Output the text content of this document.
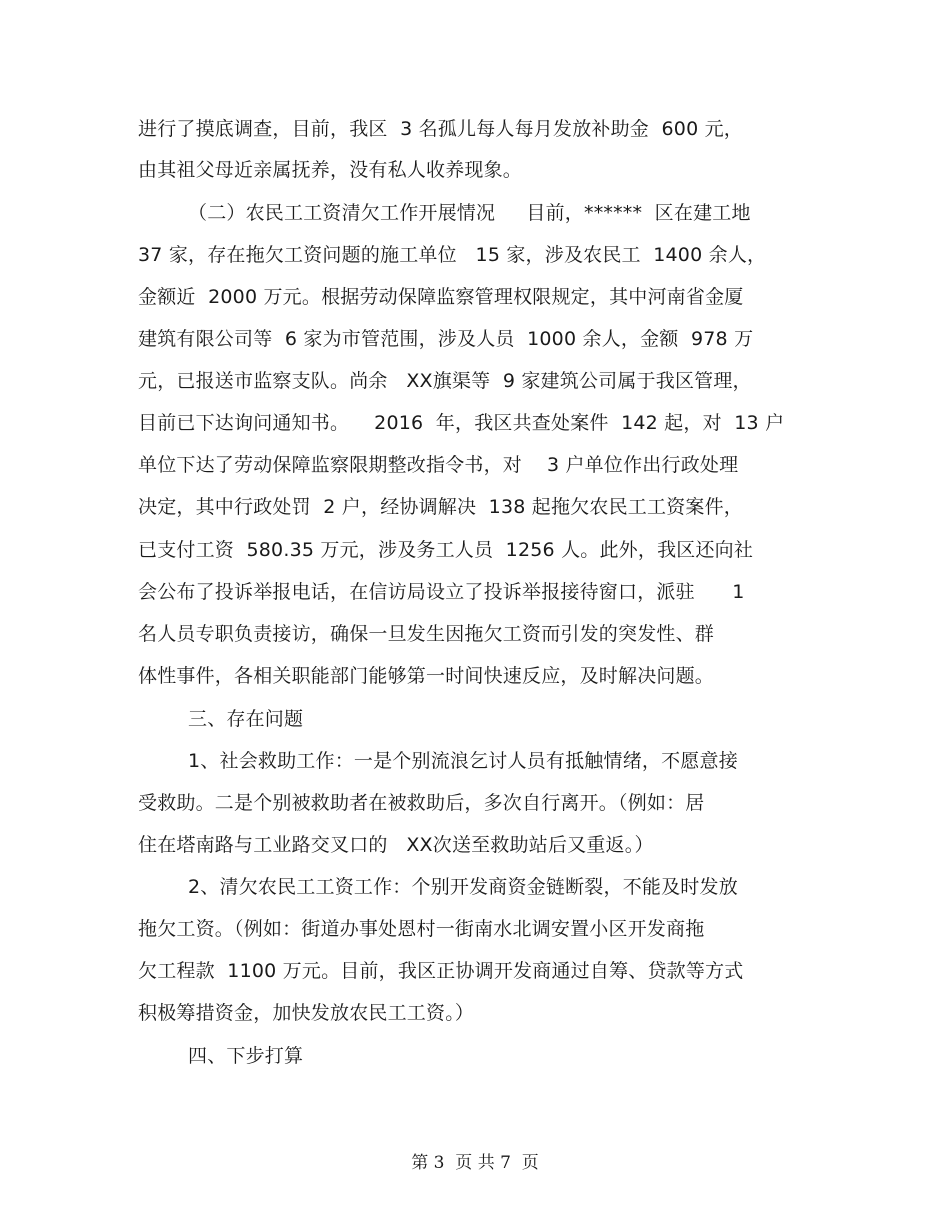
进行了摸底调查，目前，我区  3 名孤儿每人每月发放补助金  600 元，
由其祖父母近亲属抚养，没有私人收养现象。
（二）农民工工资清欠工作开展情况     目前，******  区在建工地
37 家，存在拖欠工资问题的施工单位   15 家，涉及农民工  1400 余人，
金额近  2000 万元。根据劳动保障监察管理权限规定，其中河南省金厦
建筑有限公司等  6 家为市管范围，涉及人员  1000 余人，金额  978 万
元，已报送市监察支队。尚余   XX旗渠等  9 家建筑公司属于我区管理，
目前已下达询问通知书。    2016  年，我区共查处案件  142 起，对  13 户
单位下达了劳动保障监察限期整改指令书，对    3 户单位作出行政处理
决定，其中行政处罚  2 户，经协调解决  138 起拖欠农民工工资案件，
已支付工资  580.35 万元，涉及务工人员  1256 人。此外，我区还向社
会公布了投诉举报电话，在信访局设立了投诉举报接待窗口，派驻      1
名人员专职负责接访，确保一旦发生因拖欠工资而引发的突发性、群
体性事件，各相关职能部门能够第一时间快速反应，及时解决问题。
三、存在问题
1、社会救助工作：一是个别流浪乞讨人员有抵触情绪，不愿意接
受救助。二是个别被救助者在被救助后，多次自行离开。（例如：居
住在塔南路与工业路交叉口的   XX次送至救助站后又重返。）
2、清欠农民工工资工作：个别开发商资金链断裂，不能及时发放
拖欠工资。（例如：街道办事处恩村一街南水北调安置小区开发商拖
欠工程款  1100 万元。目前，我区正协调开发商通过自筹、贷款等方式
积极筹措资金，加快发放农民工工资。）
四、下步打算
第 3  页 共 7  页
